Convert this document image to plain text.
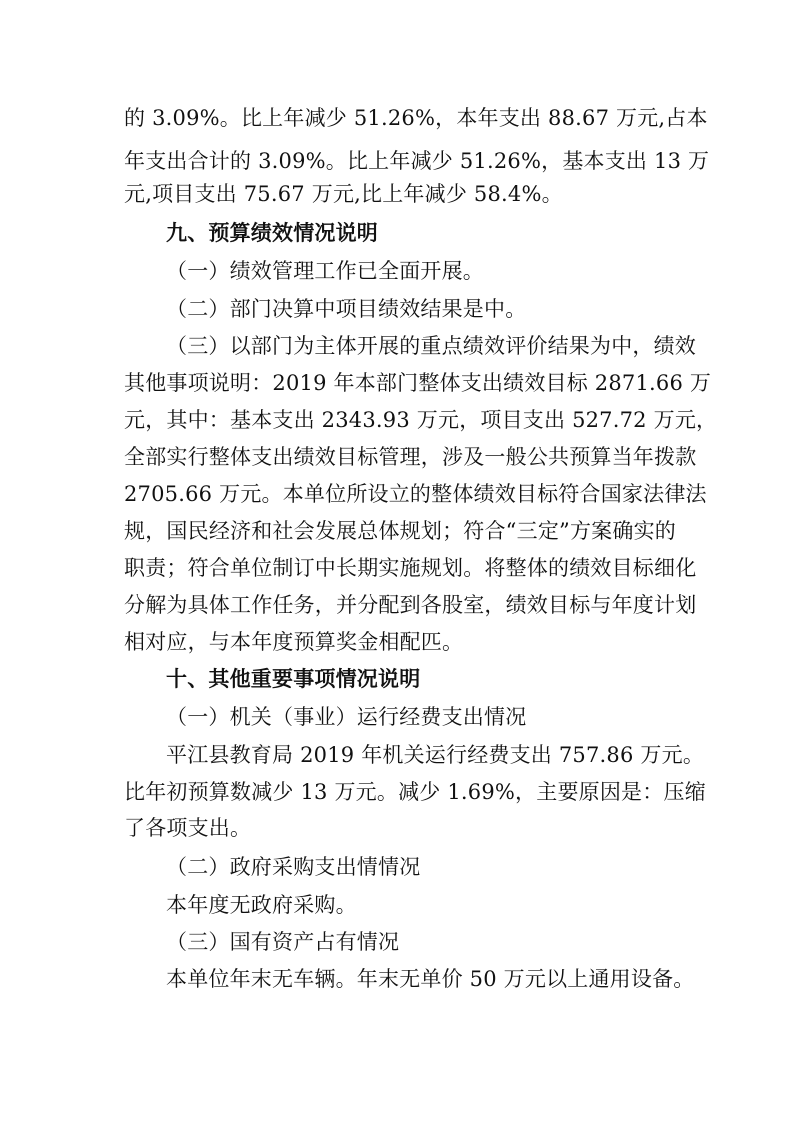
的 3.09%。比上年减少 51.26%，本年支出 88.67 万元,占本
年支出合计的 3.09%。比上年减少 51.26%，基本支出 13 万
元,项目支出 75.67 万元,比上年减少 58.4%。
九、预算绩效情况说明
（一）绩效管理工作已全面开展。
（二）部门决算中项目绩效结果是中。
（三）以部门为主体开展的重点绩效评价结果为中，绩效
其他事项说明：2019 年本部门整体支出绩效目标 2871.66 万
元，其中：基本支出 2343.93 万元，项目支出 527.72 万元，
全部实行整体支出绩效目标管理，涉及一般公共预算当年拨款
2705.66 万元。本单位所设立的整体绩效目标符合国家法律法
规，国民经济和社会发展总体规划；符合“三定”方案确实的
职责；符合单位制订中长期实施规划。将整体的绩效目标细化
分解为具体工作任务，并分配到各股室，绩效目标与年度计划
相对应，与本年度预算奖金相配匹。
十、其他重要事项情况说明
（一）机关（事业）运行经费支出情况
平江县教育局 2019 年机关运行经费支出 757.86 万元。
比年初预算数减少 13 万元。减少 1.69%，主要原因是：压缩
了各项支出。
（二）政府采购支出情情况
本年度无政府采购。
（三）国有资产占有情况
本单位年末无车辆。年末无单价 50 万元以上通用设备。
